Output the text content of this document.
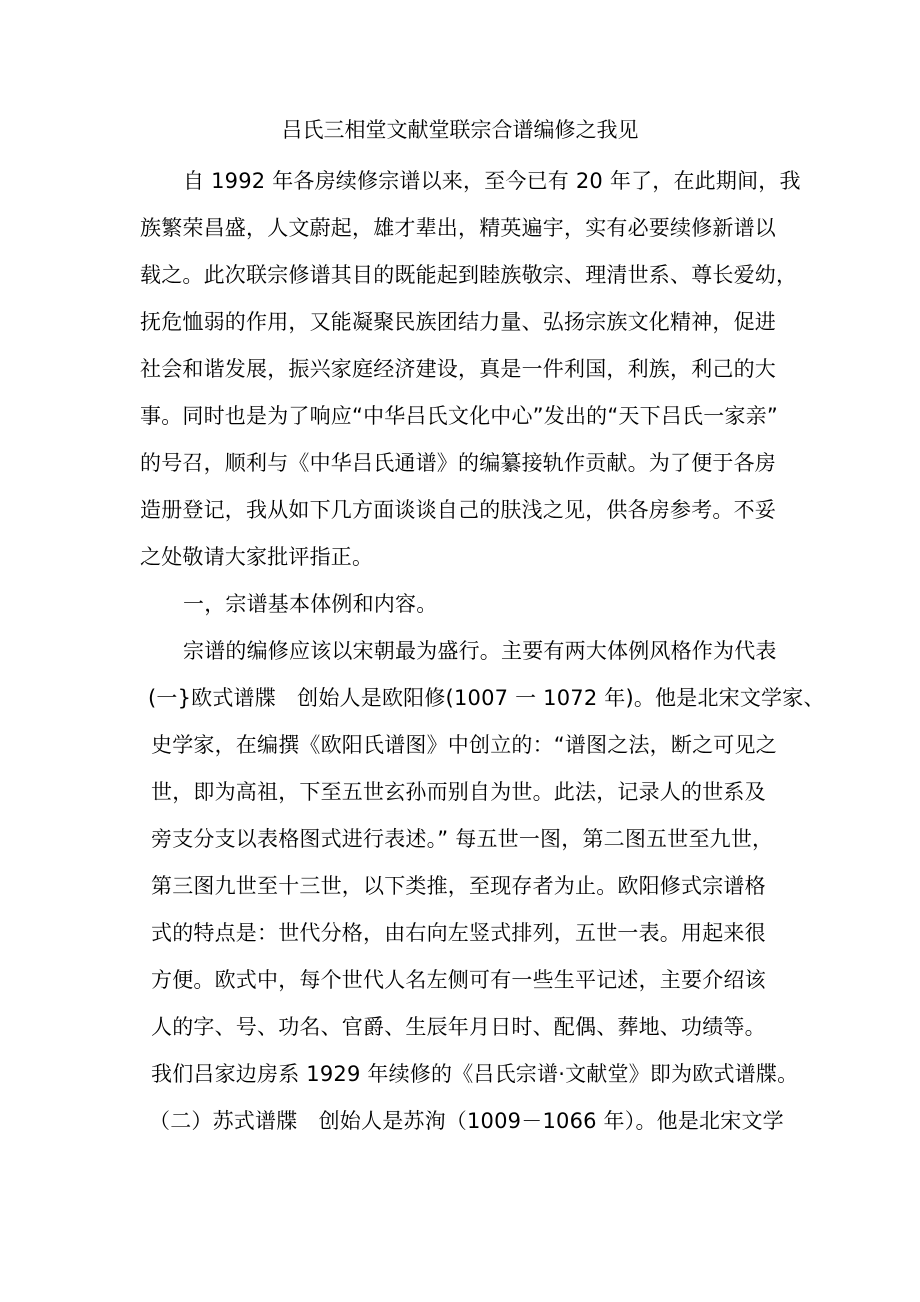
吕氏三相堂文献堂联宗合谱编修之我见
自 1992 年各房续修宗谱以来，至今已有 20 年了，在此期间，我
族繁荣昌盛，人文蔚起，雄才辈出，精英遍宇，实有必要续修新谱以
载之。此次联宗修谱其目的既能起到睦族敬宗、理清世系、尊长爱幼，
抚危恤弱的作用，又能凝聚民族团结力量、弘扬宗族文化精神，促进
社会和谐发展，振兴家庭经济建设，真是一件利国，利族，利己的大
事。同时也是为了响应“中华吕氏文化中心”发出的“天下吕氏一家亲”
的号召，顺利与《中华吕氏通谱》的编纂接轨作贡献。为了便于各房
造册登记，我从如下几方面谈谈自己的肤浅之见，供各房参考。不妥
之处敬请大家批评指正。
一，宗谱基本体例和内容。
宗谱的编修应该以宋朝最为盛行。主要有两大体例风格作为代表
(一}欧式谱牒　创始人是欧阳修(1007 一 1072 年)。他是北宋文学家、
史学家，在编撰《欧阳氏谱图》中创立的：“谱图之法，断之可见之
世，即为高祖，下至五世玄孙而别自为世。此法，记录人的世系及
旁支分支以表格图式进行表述。” 每五世一图，第二图五世至九世，
第三图九世至十三世，以下类推，至现存者为止。欧阳修式宗谱格
式的特点是：世代分格，由右向左竖式排列，五世一表。用起来很
方便。欧式中，每个世代人名左侧可有一些生平记述，主要介绍该
人的字、号、功名、官爵、生辰年月日时、配偶、葬地、功绩等。
我们吕家边房系 1929 年续修的《吕氏宗谱·文献堂》即为欧式谱牒。
（二）苏式谱牒　创始人是苏洵（1009－1066 年）。他是北宋文学
